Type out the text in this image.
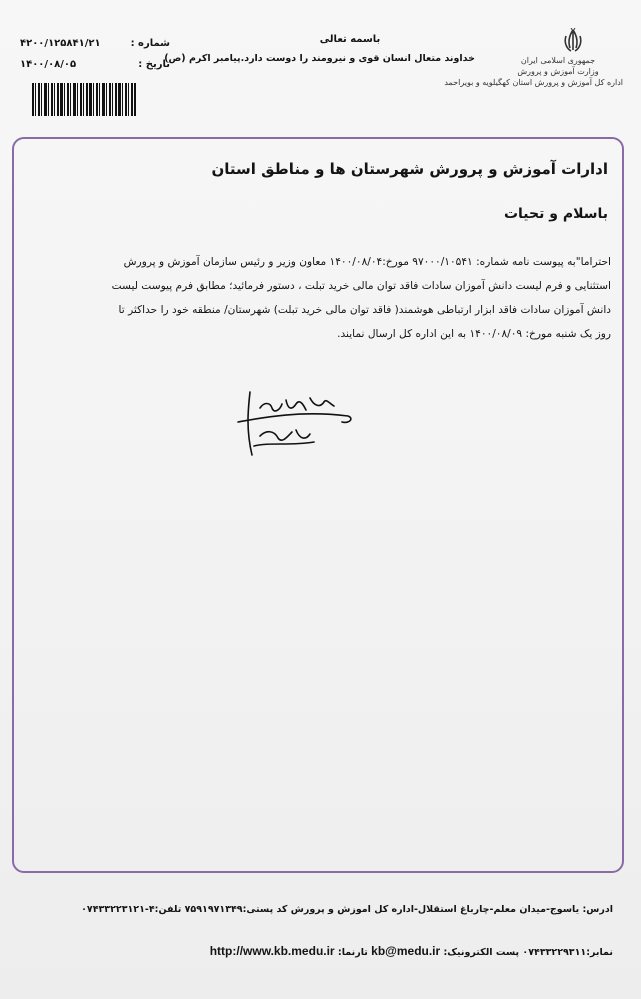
جمهوری اسلامی ایران
وزارت آموزش و پرورش
اداره کل آموزش و پرورش استان کهگیلویه و بویراحمد
باسمه تعالی
خداوند متعال انسان قوی و نیرومند را دوست دارد.پیامبر اکرم (ص)
شماره :
۴۲۰۰/۱۲۵۸۴۱/۲۱
تاریخ :
۱۴۰۰/۰۸/۰۵
ادارات آموزش و پرورش شهرستان ها و مناطق استان
باسلام و تحیات
احتراما"به پیوست نامه شماره: ۹۷۰۰۰/۱۰۵۴۱ مورخ:۱۴۰۰/۰۸/۰۴ معاون وزیر و رئیس سازمان آموزش و پرورش
استثنایی و فرم لیست دانش آموزان سادات فاقد توان مالی خرید تبلت ، دستور فرمائید؛ مطابق فرم پیوست لیست
دانش آموزان سادات فاقد ابزار ارتباطی هوشمند( فاقد توان مالی خرید تبلت) شهرستان/ منطقه خود را حداکثر تا
روز یک شنبه مورخ: ۱۴۰۰/۰۸/۰۹ به این اداره کل ارسال نمایند.
ادرس: یاسوج-میدان معلم-چارباغ استقلال-اداره کل اموزش و پرورش کد پستی:۷۵۹۱۹۷۱۳۴۹ تلفن:۴-۰۷۴۳۳۲۲۳۱۲۱
نمابر:۰۷۴۳۳۲۲۹۳۱۱ پست الکترونیک: kb@medu.ir تارنما: http://www.kb.medu.ir
